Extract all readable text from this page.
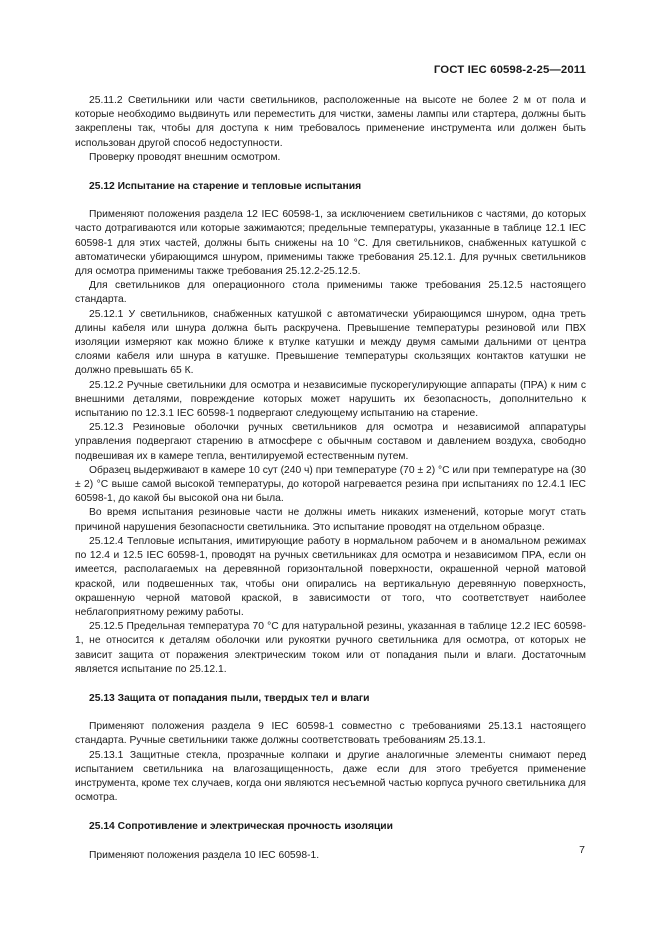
ГОСТ IEC 60598-2-25—2011

25.11.2 Светильники или части светильников, расположенные на высоте не более 2 м от пола и которые необходимо выдвинуть или переместить для чистки, замены лампы или стартера, должны быть закреплены так, чтобы для доступа к ним требовалось применение инструмента или должен быть использован другой способ недоступности.

Проверку проводят внешним осмотром.

25.12 Испытание на старение и тепловые испытания

Применяют положения раздела 12 IEC 60598-1, за исключением светильников с частями, до которых часто дотрагиваются или которые зажимаются; предельные температуры, указанные в таблице 12.1 IEC 60598-1 для этих частей, должны быть снижены на 10 °С. Для светильников, снабженных катушкой с автоматически убирающимся шнуром, применимы также требования 25.12.1. Для ручных светильников для осмотра применимы также требования 25.12.2-25.12.5.

Для светильников для операционного стола применимы также требования 25.12.5 настоящего стандарта.

25.12.1 У светильников, снабженных катушкой с автоматически убирающимся шнуром, одна треть длины кабеля или шнура должна быть раскручена. Превышение температуры резиновой или ПВХ изоляции измеряют как можно ближе к втулке катушки и между двумя самыми дальними от центра слоями кабеля или шнура в катушке. Превышение температуры скользящих контактов катушки не должно превышать 65 К.

25.12.2 Ручные светильники для осмотра и независимые пускорегулирующие аппараты (ПРА) к ним с внешними деталями, повреждение которых может нарушить их безопасность, дополнительно к испытанию по 12.3.1 IEC 60598-1 подвергают следующему испытанию на старение.

25.12.3 Резиновые оболочки ручных светильников для осмотра и независимой аппаратуры управления подвергают старению в атмосфере с обычным составом и давлением воздуха, свободно подвешивая их в камере тепла, вентилируемой естественным путем.

Образец выдерживают в камере 10 сут (240 ч) при температуре (70 ± 2) °С или при температуре на (30 ± 2) °С выше самой высокой температуры, до которой нагревается резина при испытаниях по 12.4.1 IEC 60598-1, до какой бы высокой она ни была.

Во время испытания резиновые части не должны иметь никаких изменений, которые могут стать причиной нарушения безопасности светильника. Это испытание проводят на отдельном образце.

25.12.4 Тепловые испытания, имитирующие работу в нормальном рабочем и в аномальном режимах по 12.4 и 12.5 IEC 60598-1, проводят на ручных светильниках для осмотра и независимом ПРА, если он имеется, располагаемых на деревянной горизонтальной поверхности, окрашенной черной матовой краской, или подвешенных так, чтобы они опирались на вертикальную деревянную поверхность, окрашенную черной матовой краской, в зависимости от того, что соответствует наиболее неблагоприятному режиму работы.

25.12.5 Предельная температура 70 °С для натуральной резины, указанная в таблице 12.2 IEC 60598-1, не относится к деталям оболочки или рукоятки ручного светильника для осмотра, от которых не зависит защита от поражения электрическим током или от попадания пыли и влаги. Достаточным является испытание по 25.12.1.

25.13 Защита от попадания пыли, твердых тел и влаги

Применяют положения раздела 9 IEC 60598-1 совместно с требованиями 25.13.1 настоящего стандарта. Ручные светильники также должны соответствовать требованиям 25.13.1.

25.13.1 Защитные стекла, прозрачные колпаки и другие аналогичные элементы снимают перед испытанием светильника на влагозащищенность, даже если для этого требуется применение инструмента, кроме тех случаев, когда они являются несъемной частью корпуса ручного светильника для осмотра.

25.14 Сопротивление и электрическая прочность изоляции

Применяют положения раздела 10 IEC 60598-1.	7
